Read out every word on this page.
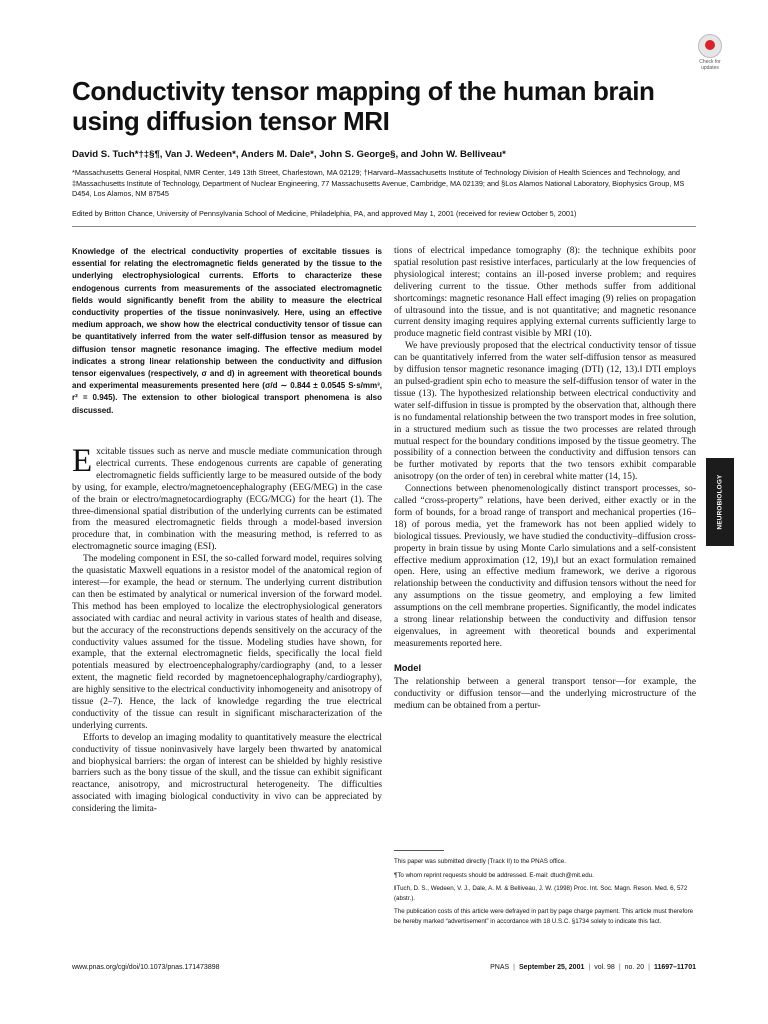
Check for updates
Conductivity tensor mapping of the human brain using diffusion tensor MRI

David S. Tuch*†‡§¶, Van J. Wedeen*, Anders M. Dale*, John S. George§, and John W. Belliveau*

*Massachusetts General Hospital, NMR Center, 149 13th Street, Charlestown, MA 02129; †Harvard–Massachusetts Institute of Technology Division of Health Sciences and Technology, and ‡Massachusetts Institute of Technology, Department of Nuclear Engineering, 77 Massachusetts Avenue, Cambridge, MA 02139; and §Los Alamos National Laboratory, Biophysics Group, MS D454, Los Alamos, NM 87545

Edited by Britton Chance, University of Pennsylvania School of Medicine, Philadelphia, PA, and approved May 1, 2001 (received for review October 5, 2001)

Knowledge of the electrical conductivity properties of excitable tissues is essential for relating the electromagnetic fields generated by the tissue to the underlying electrophysiological currents. Efforts to characterize these endogenous currents from measurements of the associated electromagnetic fields would significantly benefit from the ability to measure the electrical conductivity properties of the tissue noninvasively. Here, using an effective medium approach, we show how the electrical conductivity tensor of tissue can be quantitatively inferred from the water self-diffusion tensor as measured by diffusion tensor magnetic resonance imaging. The effective medium model indicates a strong linear relationship between the conductivity and diffusion tensor eigenvalues (respectively, σ and d) in agreement with theoretical bounds and experimental measurements presented here (σ/d ∼ 0.844 ± 0.0545 S·s/mm³, r² = 0.945). The extension to other biological transport phenomena is also discussed.

Excitable tissues such as nerve and muscle mediate communication through electrical currents. These endogenous currents are capable of generating electromagnetic fields sufficiently large to be measured outside of the body by using, for example, electro/magnetoencephalography (EEG/MEG) in the case of the brain or electro/magnetocardiography (ECG/MCG) for the heart (1). The three-dimensional spatial distribution of the underlying currents can be estimated from the measured electromagnetic fields through a model-based inversion procedure that, in combination with the measuring method, is referred to as electromagnetic source imaging (ESI).

The modeling component in ESI, the so-called forward model, requires solving the quasistatic Maxwell equations in a resistor model of the anatomical region of interest—for example, the head or sternum. The underlying current distribution can then be estimated by analytical or numerical inversion of the forward model. This method has been employed to localize the electrophysiological generators associated with cardiac and neural activity in various states of health and disease, but the accuracy of the reconstructions depends sensitively on the accuracy of the conductivity values assumed for the tissue. Modeling studies have shown, for example, that the external electromagnetic fields, specifically the local field potentials measured by electroencephalography/cardiography (and, to a lesser extent, the magnetic field recorded by magnetoencephalography/cardiography), are highly sensitive to the electrical conductivity inhomogeneity and anisotropy of tissue (2–7). Hence, the lack of knowledge regarding the true electrical conductivity of the tissue can result in significant mischaracterization of the underlying currents.

Efforts to develop an imaging modality to quantitatively measure the electrical conductivity of tissue noninvasively have largely been thwarted by anatomical and biophysical barriers: the organ of interest can be shielded by highly resistive barriers such as the bony tissue of the skull, and the tissue can exhibit significant reactance, anisotropy, and microstructural heterogeneity. The difficulties associated with imaging biological conductivity in vivo can be appreciated by considering the limita-

tions of electrical impedance tomography (8): the technique exhibits poor spatial resolution past resistive interfaces, particularly at the low frequencies of physiological interest; contains an ill-posed inverse problem; and requires delivering current to the tissue. Other methods suffer from additional shortcomings: magnetic resonance Hall effect imaging (9) relies on propagation of ultrasound into the tissue, and is not quantitative; and magnetic resonance current density imaging requires applying external currents sufficiently large to produce magnetic field contrast visible by MRI (10).

We have previously proposed that the electrical conductivity tensor of tissue can be quantitatively inferred from the water self-diffusion tensor as measured by diffusion tensor magnetic resonance imaging (DTI) (12, 13).‖ DTI employs an pulsed-gradient spin echo to measure the self-diffusion tensor of water in the tissue (13). The hypothesized relationship between electrical conductivity and water self-diffusion in tissue is prompted by the observation that, although there is no fundamental relationship between the two transport modes in free solution, in a structured medium such as tissue the two processes are related through mutual respect for the boundary conditions imposed by the tissue geometry. The possibility of a connection between the conductivity and diffusion tensors can be further motivated by reports that the two tensors exhibit comparable anisotropy (on the order of ten) in cerebral white matter (14, 15).

Connections between phenomenologically distinct transport processes, so-called “cross-property” relations, have been derived, either exactly or in the form of bounds, for a broad range of transport and mechanical properties (16–18) of porous media, yet the framework has not been applied widely to biological tissues. Previously, we have studied the conductivity–diffusion cross-property in brain tissue by using Monte Carlo simulations and a self-consistent effective medium approximation (12, 19),‖ but an exact formulation remained open. Here, using an effective medium framework, we derive a rigorous relationship between the conductivity and diffusion tensors without the need for any assumptions on the tissue geometry, and employing a few limited assumptions on the cell membrane properties. Significantly, the model indicates a strong linear relationship between the conductivity and diffusion tensor eigenvalues, in agreement with theoretical bounds and experimental measurements reported here.

Model

The relationship between a general transport tensor—for example, the conductivity or diffusion tensor—and the underlying microstructure of the medium can be obtained from a pertur-

This paper was submitted directly (Track II) to the PNAS office.

¶To whom reprint requests should be addressed. E-mail: dtuch@mit.edu.

‖Tuch, D. S., Wedeen, V. J., Dale, A. M. & Belliveau, J. W. (1998) Proc. Int. Soc. Magn. Reson. Med. 6, 572 (abstr.).

The publication costs of this article were defrayed in part by page charge payment. This article must therefore be hereby marked “advertisement” in accordance with 18 U.S.C. §1734 solely to indicate this fact.

NEUROBIOLOGY

www.pnas.org/cgi/doi/10.1073/pnas.171473898	PNAS | September 25, 2001 | vol. 98 | no. 20 | 11697–11701
